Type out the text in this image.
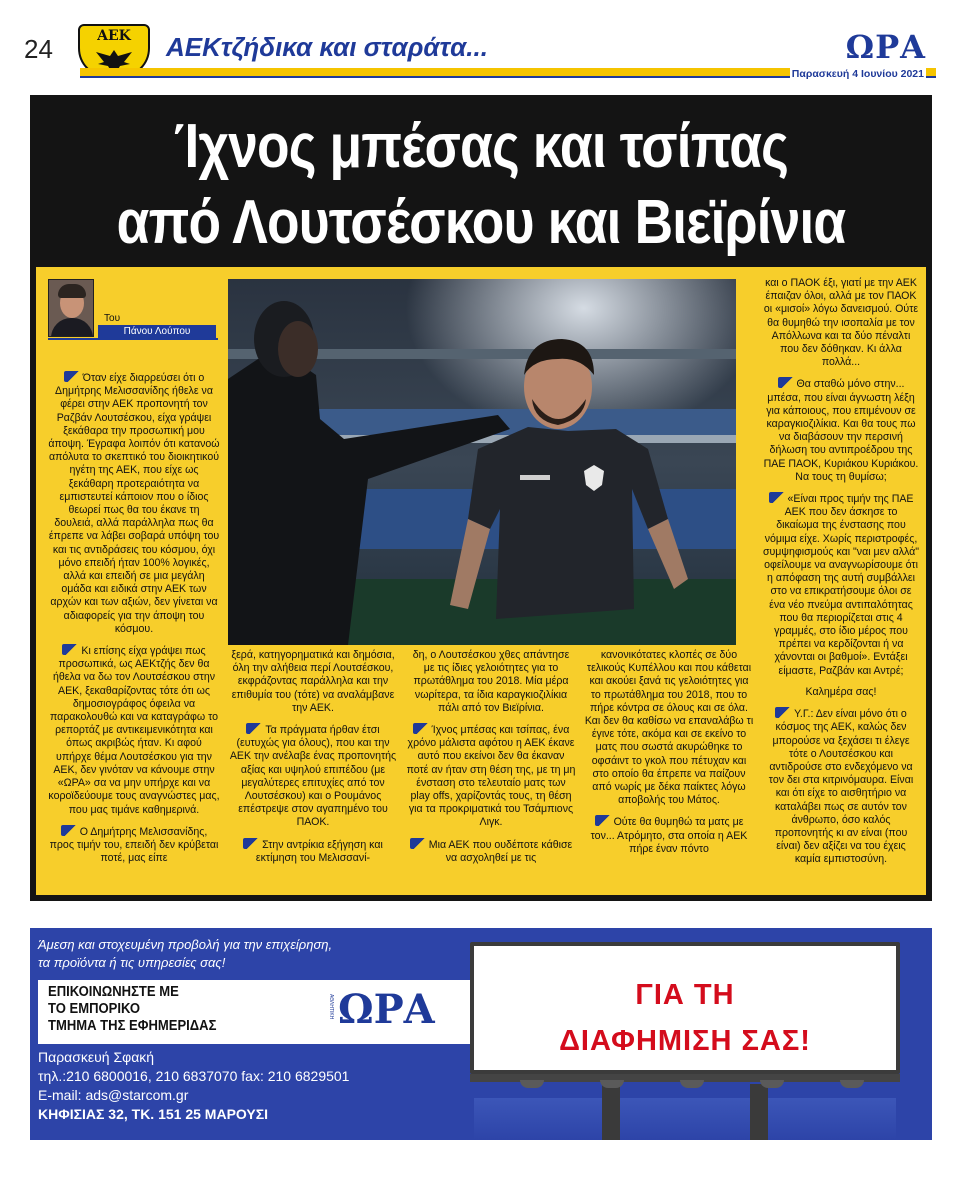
24	ΑΕΚ	ΑΕΚτζήδικα και σταράτα...	ΩΡΑ
Παρασκευή 4 Ιουνίου 2021
Ίχνος μπέσας και τσίπας
από Λουτσέσκου και Βιεϊρίνια
Του
Πάνου Λούπου

Όταν είχε διαρρεύσει ότι ο Δημήτρης Μελισσανίδης ήθελε να φέρει στην ΑΕΚ προπονητή τον Ραζβάν Λουτσέσκου, είχα γράψει ξεκάθαρα την προσωπική μου άποψη. Έγραφα λοιπόν ότι κατανοώ απόλυτα το σκεπτικό του διοικητικού ηγέτη της ΑΕΚ, που είχε ως ξεκάθαρη προτεραιότητα να εμπιστευτεί κάποιον που ο ίδιος θεωρεί πως θα του έκανε τη δουλειά, αλλά παράλληλα πως θα έπρεπε να λάβει σοβαρά υπόψη του και τις αντιδράσεις του κόσμου, όχι μόνο επειδή ήταν 100% λογικές, αλλά και επειδή σε μια μεγάλη ομάδα και ειδικά στην ΑΕΚ των αρχών και των αξιών, δεν γίνεται να αδιαφορείς για την άποψη του κόσμου.

Κι επίσης είχα γράψει πως προσωπικά, ως ΑΕΚτζής δεν θα ήθελα να δω τον Λουτσέσκου στην ΑΕΚ, ξεκαθαρίζοντας τότε ότι ως δημοσιογράφος όφειλα να παρακολουθώ και να καταγράφω το ρεπορτάζ με αντικειμενικότητα και όπως ακριβώς ήταν. Κι αφού υπήρχε θέμα Λουτσέσκου για την ΑΕΚ, δεν γινόταν να κάνουμε στην «ΩΡΑ» σα να μην υπήρχε και να κοροϊδεύουμε τους αναγνώστες μας, που μας τιμάνε καθημερινά.

Ο Δημήτρης Μελισσανίδης, προς τιμήν του, επειδή δεν κρύβεται ποτέ, μας είπε

ξερά, κατηγορηματικά και δημόσια, όλη την αλήθεια περί Λουτσέσκου, εκφράζοντας παράλληλα και την επιθυμία του (τότε) να αναλάμβανε την ΑΕΚ.

Τα πράγματα ήρθαν έτσι (ευτυχώς για όλους), που και την ΑΕΚ την ανέλαβε ένας προπονητής αξίας και υψηλού επιπέδου (με μεγαλύτερες επιτυχίες από τον Λουτσέσκου) και ο Ρουμάνος επέστρεψε στον αγαπημένο του ΠΑΟΚ.

Στην αντρίκια εξήγηση και εκτίμηση του Μελισσανί-

δη, ο Λουτσέσκου χθες απάντησε με τις ίδιες γελοιότητες για το πρωτάθλημα του 2018. Μία μέρα νωρίτερα, τα ίδια καραγκιοζιλίκια πάλι από τον Βιεϊρίνια.

Ίχνος μπέσας και τσίπας, ένα χρόνο μάλιστα αφότου η ΑΕΚ έκανε αυτό που εκείνοι δεν θα έκαναν ποτέ αν ήταν στη θέση της, με τη μη ένσταση στο τελευταίο ματς των play offs, χαρίζοντάς τους, τη θέση για τα προκριματικά του Τσάμπιονς Λιγκ.

Μια ΑΕΚ που ουδέποτε κάθισε να ασχοληθεί με τις

κανονικότατες κλοπές σε δύο τελικούς Κυπέλλου και που κάθεται και ακούει ξανά τις γελοιότητες για το πρωτάθλημα του 2018, που το πήρε κόντρα σε όλους και σε όλα. Και δεν θα καθίσω να επαναλάβω τι έγινε τότε, ακόμα και σε εκείνο το ματς που σωστά ακυρώθηκε το οφσάιντ το γκολ που πέτυχαν και στο οποίο θα έπρεπε να παίζουν από νωρίς με δέκα παίκτες λόγω αποβολής του Μάτος.

Ούτε θα θυμηθώ τα ματς με τον... Ατρόμητο, στα οποία η ΑΕΚ πήρε έναν πόντο

και ο ΠΑΟΚ έξι, γιατί με την ΑΕΚ έπαιζαν όλοι, αλλά με τον ΠΑΟΚ οι «μισοί» λόγω δανεισμού. Ούτε θα θυμηθώ την ισοπαλία με τον Απόλλωνα και τα δύο πέναλτι που δεν δόθηκαν. Κι άλλα πολλά...

Θα σταθώ μόνο στην... μπέσα, που είναι άγνωστη λέξη για κάποιους, που επιμένουν σε καραγκιοζιλίκια. Και θα τους πω να διαβάσουν την περσινή δήλωση του αντιπροέδρου της ΠΑΕ ΠΑΟΚ, Κυριάκου Κυριάκου. Να τους τη θυμίσω;

«Είναι προς τιμήν της ΠΑΕ ΑΕΚ που δεν άσκησε το δικαίωμα της ένστασης που νόμιμα είχε. Χωρίς περιστροφές, συμψηφισμούς και "ναι μεν αλλά" οφείλουμε να αναγνωρίσουμε ότι η απόφαση της αυτή συμβάλλει στο να επικρατήσουμε όλοι σε ένα νέο πνεύμα αντιπαλότητας που θα περιορίζεται στις 4 γραμμές, στο ίδιο μέρος που πρέπει να κερδίζονται ή να χάνονται οι βαθμοί». Εντάξει είμαστε, Ραζβάν και Αντρέ;

Καλημέρα σας!

Υ.Γ.: Δεν είναι μόνο ότι ο κόσμος της ΑΕΚ, καλώς δεν μπορούσε να ξεχάσει τι έλεγε τότε ο Λουτσέσκου και αντιδρούσε στο ενδεχόμενο να τον δει στα κιτρινόμαυρα. Είναι και ότι είχε το αισθητήριο να καταλάβει πως σε αυτόν τον άνθρωπο, όσο καλός προπονητής κι αν είναι (που είναι) δεν αξίζει να του έχεις καμία εμπιστοσύνη.

Άμεση και στοχευμένη προβολή για την επιχείρηση,
τα προϊόντα ή τις υπηρεσίες σας!
ΕΠΙΚΟΙΝΩΝΗΣΤΕ ΜΕ
ΤΟ ΕΜΠΟΡΙΚΟ
ΤΜΗΜΑ ΤΗΣ ΕΦΗΜΕΡΙΔΑΣ
ΑΘΛΗΤΙΚΗ ΩΡΑ
Παρασκευή Σφακή
τηλ.:210 6800016, 210 6837070 fax: 210 6829501
E-mail: ads@starcom.gr
ΚΗΦΙΣΙΑΣ 32, ΤΚ. 151 25 ΜΑΡΟΥΣΙ
ΓΙΑ ΤΗ
ΔΙΑΦΗΜΙΣΗ ΣΑΣ!
